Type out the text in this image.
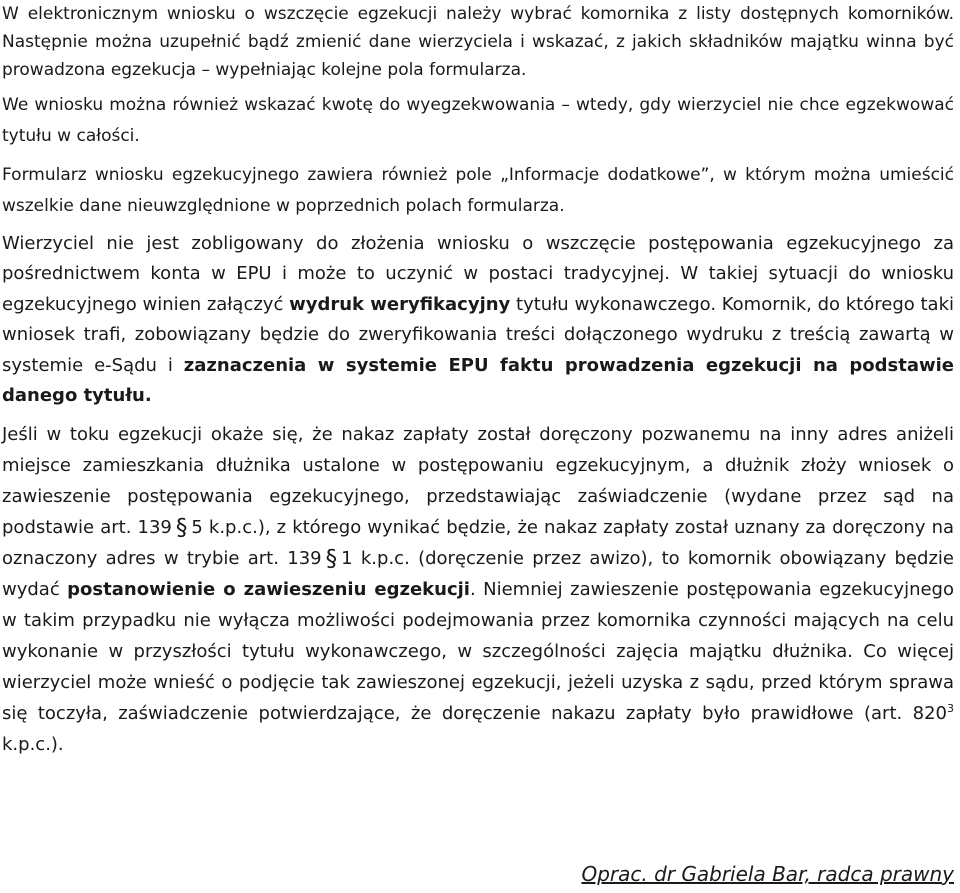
W elektronicznym wniosku o wszczęcie egzekucji należy wybrać komornika z listy dostępnych komorników. Następnie można uzupełnić bądź zmienić dane wierzyciela i wskazać, z jakich składników majątku winna być prowadzona egzekucja – wypełniając kolejne pola formularza.

We wniosku można również wskazać kwotę do wyegzekwowania – wtedy, gdy wierzyciel nie chce egzekwować tytułu w całości.

Formularz wniosku egzekucyjnego zawiera również pole „Informacje dodatkowe”, w którym można umieścić wszelkie dane nieuwzględnione w poprzednich polach formularza.

Wierzyciel nie jest zobligowany do złożenia wniosku o wszczęcie postępowania egzekucyjnego za pośrednictwem konta w EPU i może to uczynić w postaci tradycyjnej. W takiej sytuacji do wniosku egzekucyjnego winien załączyć wydruk weryfikacyjny tytułu wykonawczego. Komornik, do którego taki wniosek trafi, zobowiązany będzie do zweryfikowania treści dołączonego wydruku z treścią zawartą w systemie e-Sądu i zaznaczenia w systemie EPU faktu prowadzenia egzekucji na podstawie danego tytułu.

Jeśli w toku egzekucji okaże się, że nakaz zapłaty został doręczony pozwanemu na inny adres aniżeli miejsce zamieszkania dłużnika ustalone w postępowaniu egzekucyjnym, a dłużnik złoży wniosek o zawieszenie postępowania egzekucyjnego, przedstawiając zaświadczenie (wydane przez sąd na podstawie art. 139 § 5 k.p.c.), z którego wynikać będzie, że nakaz zapłaty został uznany za doręczony na oznaczony adres w trybie art. 139 § 1 k.p.c. (doręczenie przez awizo), to komornik obowiązany będzie wydać postanowienie o zawieszeniu egzekucji. Niemniej zawieszenie postępowania egzekucyjnego w takim przypadku nie wyłącza możliwości podejmowania przez komornika czynności mających na celu wykonanie w przyszłości tytułu wykonawczego, w szczególności zajęcia majątku dłużnika. Co więcej wierzyciel może wnieść o podjęcie tak zawieszonej egzekucji, jeżeli uzyska z sądu, przed którym sprawa się toczyła, zaświadczenie potwierdzające, że doręczenie nakazu zapłaty było prawidłowe (art. $820^3$ k.p.c.).

Oprac. dr Gabriela Bar, radca prawny
